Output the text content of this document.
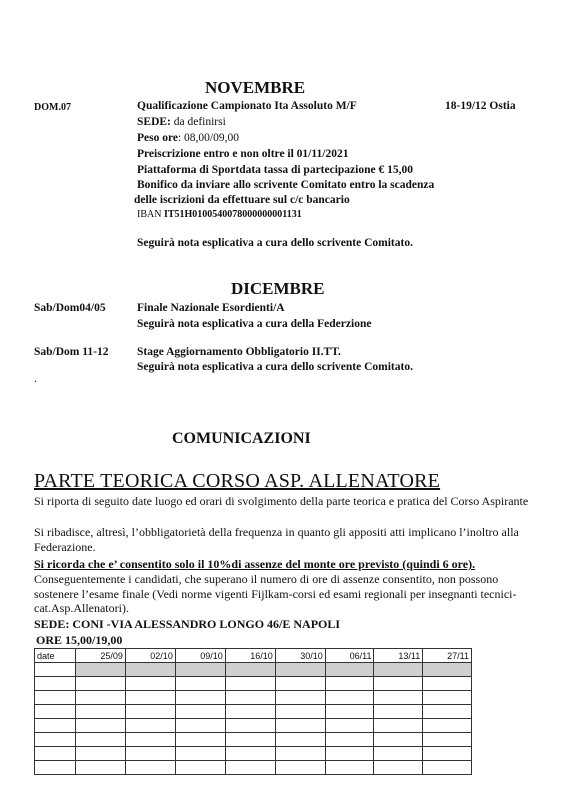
NOVEMBRE
DOM.07	Qualificazione Campionato Ita Assoluto M/F	18-19/12 Ostia
SEDE: da definirsi
Peso ore: 08,00/09,00
Preiscrizione entro e non oltre il 01/11/2021
Piattaforma di Sportdata tassa di partecipazione € 15,00
Bonifico da inviare allo scrivente Comitato entro la scadenza
delle iscrizioni da effettuare sul c/c bancario
IBAN IT51H0100540078000000001131
Seguirà nota esplicativa a cura dello scrivente Comitato.
DICEMBRE
Sab/Dom04/05	Finale Nazionale Esordienti/A
Seguirà nota esplicativa a cura della Federzione
Sab/Dom 11-12 Stage Aggiornamento Obbligatorio II.TT.
Seguirà nota esplicativa a cura dello scrivente Comitato.
.
COMUNICAZIONI
PARTE TEORICA CORSO ASP. ALLENATORE
Si riporta di seguito date luogo ed orari di svolgimento della parte teorica e pratica del Corso Aspirante
Si ribadisce, altresì, l’obbligatorietà della frequenza in quanto gli appositi atti implicano l’inoltro alla Federazione.
Si ricorda che e’ consentito solo il 10%di assenze del monte ore previsto (quindi 6 ore).
Conseguentemente i candidati, che superano il numero di ore di assenze consentito, non possono sostenere l’esame finale (Vedi norme vigenti Fijlkam-corsi ed esami regionali per insegnanti tecnici-cat.Asp.Allenatori).
SEDE: CONI -VIA ALESSANDRO LONGO 46/E NAPOLI
ORE 15,00/19,00
date	25/09	02/10	09/10	16/10	30/10	06/11	13/11	27/11
